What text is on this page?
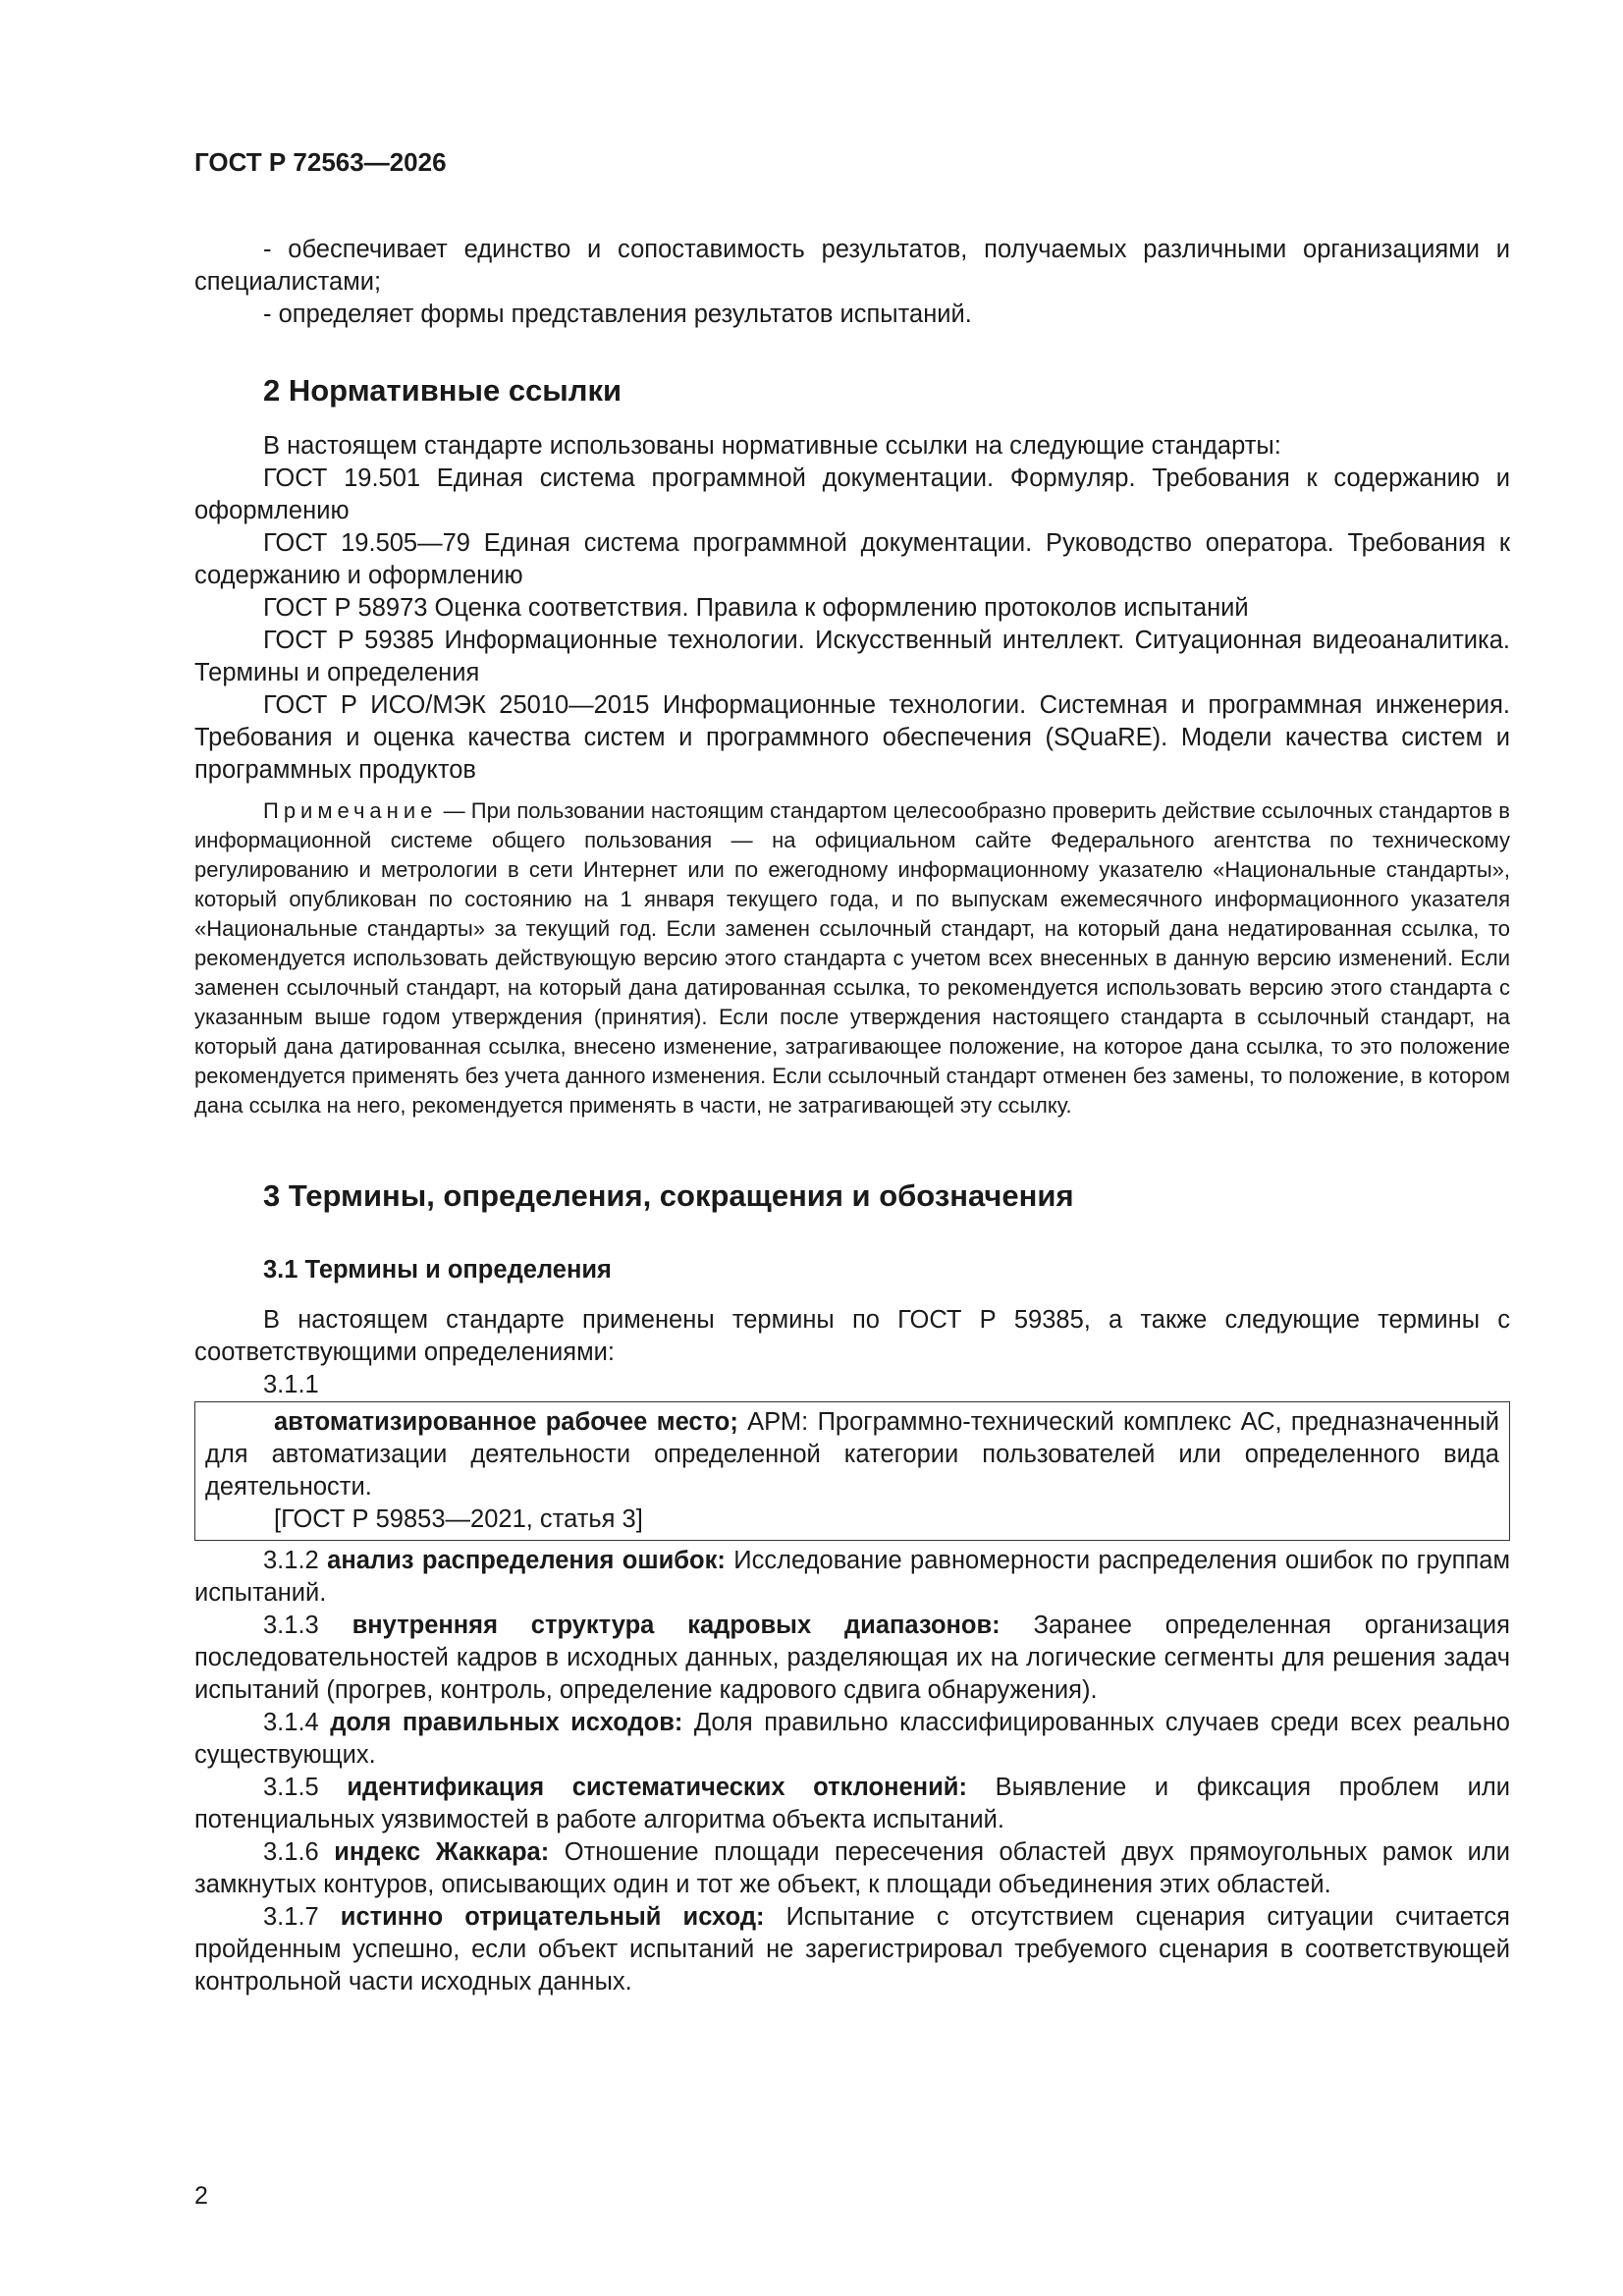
ГОСТ Р 72563—2026

- обеспечивает единство и сопоставимость результатов, получаемых различными организациями и специалистами;

- определяет формы представления результатов испытаний.

2 Нормативные ссылки

В настоящем стандарте использованы нормативные ссылки на следующие стандарты:

ГОСТ 19.501 Единая система программной документации. Формуляр. Требования к содержанию и оформлению

ГОСТ 19.505—79 Единая система программной документации. Руководство оператора. Требования к содержанию и оформлению

ГОСТ Р 58973 Оценка соответствия. Правила к оформлению протоколов испытаний

ГОСТ Р 59385 Информационные технологии. Искусственный интеллект. Ситуационная видеоаналитика. Термины и определения

ГОСТ Р ИСО/МЭК 25010—2015 Информационные технологии. Системная и программная инженерия. Требования и оценка качества систем и программного обеспечения (SQuaRE). Модели качества систем и программных продуктов

Примечание — При пользовании настоящим стандартом целесообразно проверить действие ссылочных стандартов в информационной системе общего пользования — на официальном сайте Федерального агентства по техническому регулированию и метрологии в сети Интернет или по ежегодному информационному указателю «Национальные стандарты», который опубликован по состоянию на 1 января текущего года, и по выпускам ежемесячного информационного указателя «Национальные стандарты» за текущий год. Если заменен ссылочный стандарт, на который дана недатированная ссылка, то рекомендуется использовать действующую версию этого стандарта с учетом всех внесенных в данную версию изменений. Если заменен ссылочный стандарт, на который дана датированная ссылка, то рекомендуется использовать версию этого стандарта с указанным выше годом утверждения (принятия). Если после утверждения настоящего стандарта в ссылочный стандарт, на который дана датированная ссылка, внесено изменение, затрагивающее положение, на которое дана ссылка, то это положение рекомендуется применять без учета данного изменения. Если ссылочный стандарт отменен без замены, то положение, в котором дана ссылка на него, рекомендуется применять в части, не затрагивающей эту ссылку.

3 Термины, определения, сокращения и обозначения
3.1 Термины и определения

В настоящем стандарте применены термины по ГОСТ Р 59385, а также следующие термины с соответствующими определениями:

3.1.1

автоматизированное рабочее место; АРМ: Программно-технический комплекс АС, предназначенный для автоматизации деятельности определенной категории пользователей или определенного вида деятельности.

[ГОСТ Р 59853—2021, статья 3]

3.1.2 анализ распределения ошибок: Исследование равномерности распределения ошибок по группам испытаний.

3.1.3 внутренняя структура кадровых диапазонов: Заранее определенная организация последовательностей кадров в исходных данных, разделяющая их на логические сегменты для решения задач испытаний (прогрев, контроль, определение кадрового сдвига обнаружения).

3.1.4 доля правильных исходов: Доля правильно классифицированных случаев среди всех реально существующих.

3.1.5 идентификация систематических отклонений: Выявление и фиксация проблем или потенциальных уязвимостей в работе алгоритма объекта испытаний.

3.1.6 индекс Жаккара: Отношение площади пересечения областей двух прямоугольных рамок или замкнутых контуров, описывающих один и тот же объект, к площади объединения этих областей.

3.1.7 истинно отрицательный исход: Испытание с отсутствием сценария ситуации считается пройденным успешно, если объект испытаний не зарегистрировал требуемого сценария в соответствующей контрольной части исходных данных.

2
